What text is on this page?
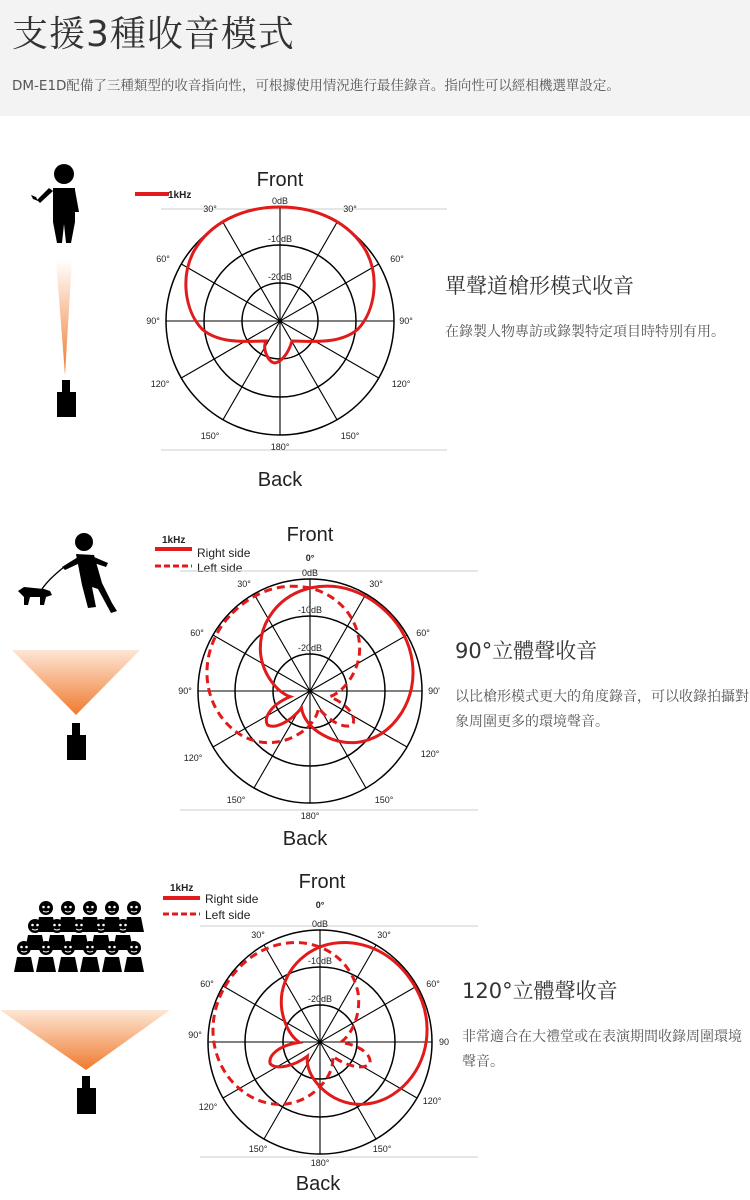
支援3種收音模式
DM-E1D配備了三種類型的收音指向性，可根據使用情況進行最佳錄音。指向性可以經相機選單設定。
Front
Back
1kHz	0dB
-10dB
-20dB
30°	30°
60°	60°
90°	90°
120°	120°
150°	150°
180°
單聲道槍形模式收音
在錄製人物專訪或錄製特定項目時特別有用。
Front
Back
1kHz
Right side
Left side
0°
0dB
-10dB
-20dB
30°	30°
60°	60°
90°	90'
120°	120°
150°	150°
180°
90°立體聲收音
以比槍形模式更大的角度錄音，可以收錄拍攝對象周圍更多的環境聲音。
Front
Back
1kHz
Right side
Left side
0°
0dB
-10dB
-20dB
30°	30°
60°	60°
90°
90
120°
120°
150°	150°
180°
120°立體聲收音
非常適合在大禮堂或在表演期間收錄周圍環境聲音。
